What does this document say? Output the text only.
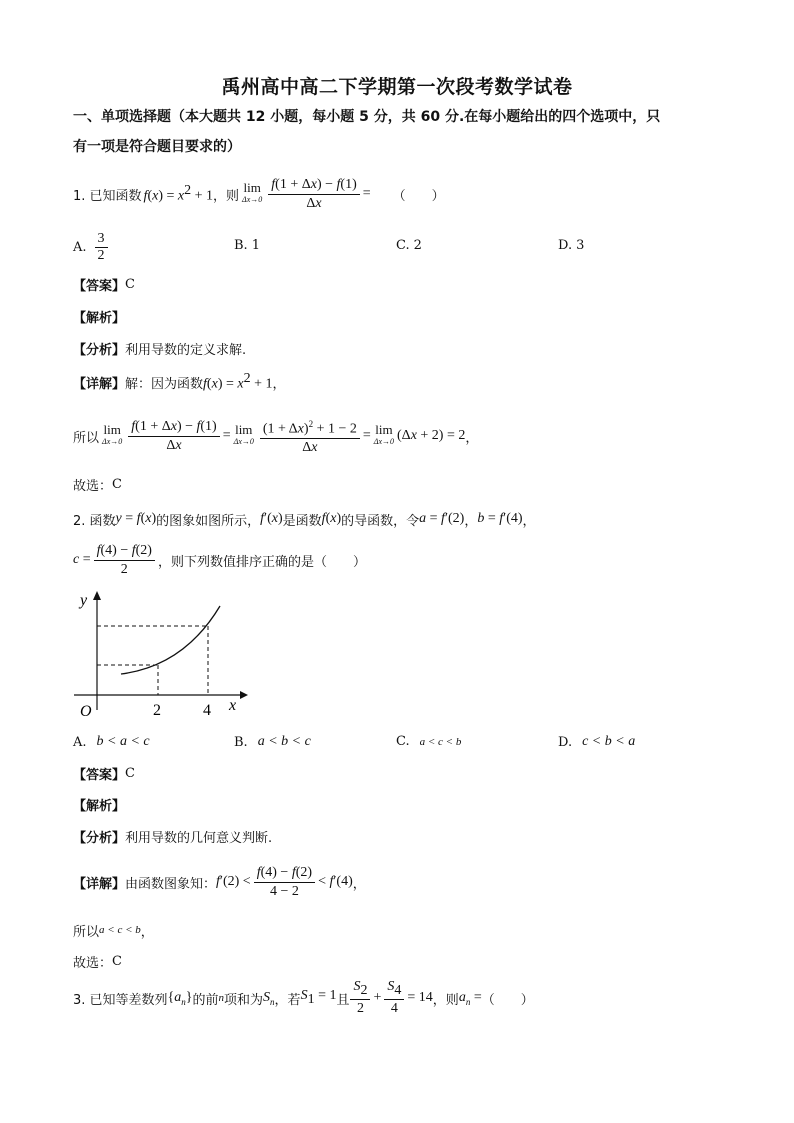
禹州高中高二下学期第一次段考数学试卷
一、单项选择题（本大题共 12 小题，每小题 5 分，共 60 分.在每小题给出的四个选项中，只
有一项是符合题目要求的）
1. 已知函数 $f(x) = x^2 + 1$ ，则
lim
$\Delta x\to 0 \frac{f(1 + \Delta x) - f(1)}{\Delta x}$ = （　　）
A. $\frac{3}{2}$	B. 1	C. 2	D. 3
【答案】 C
【解析】
【分析】 利用导数的定义求解.
【详解】 解：因为函数 $f(x) = x^2 + 1$ ，
所以
lim
$\Delta x\to 0 \frac{f(1 + \Delta x) - f(1)}{\Delta x} = \lim$
$\Delta x\to 0 \frac{(1 + \Delta x)^2 + 1 - 2}{\Delta x} = \lim$
Δx→0 (Δx + 2) = 2 ，
故选： C
2. 函数 y = f(x) 的图象如图所示， f′(x) 是函数 f(x) 的导函数，令 a = f′(2) ， b = f′(4) ，
$c = \frac{f(4) - f(2)}{2}$ ，则下列数值排序正确的是（　　）
y
x
O	2	4
A. b < a < c	B. a < b < c	C. a < c < b	D. c < b < a
【答案】 C
【解析】
【分析】 利用导数的几何意义判断.
【详解】 由函数图象知： $f'(2) < \frac{f(4) - f(2)}{4 - 2} < f'(4)$ ，
所以 a < c < b ，
故选： C
3. 已知等差数列 $\{a_n\}$ 的前 n 项和为 $S_n$ ，若 $S_1 = 1$ 且 $\frac{S_2}{2} + \frac{S_4}{4} = 14$ ，则 $a_n$ = （　　）
